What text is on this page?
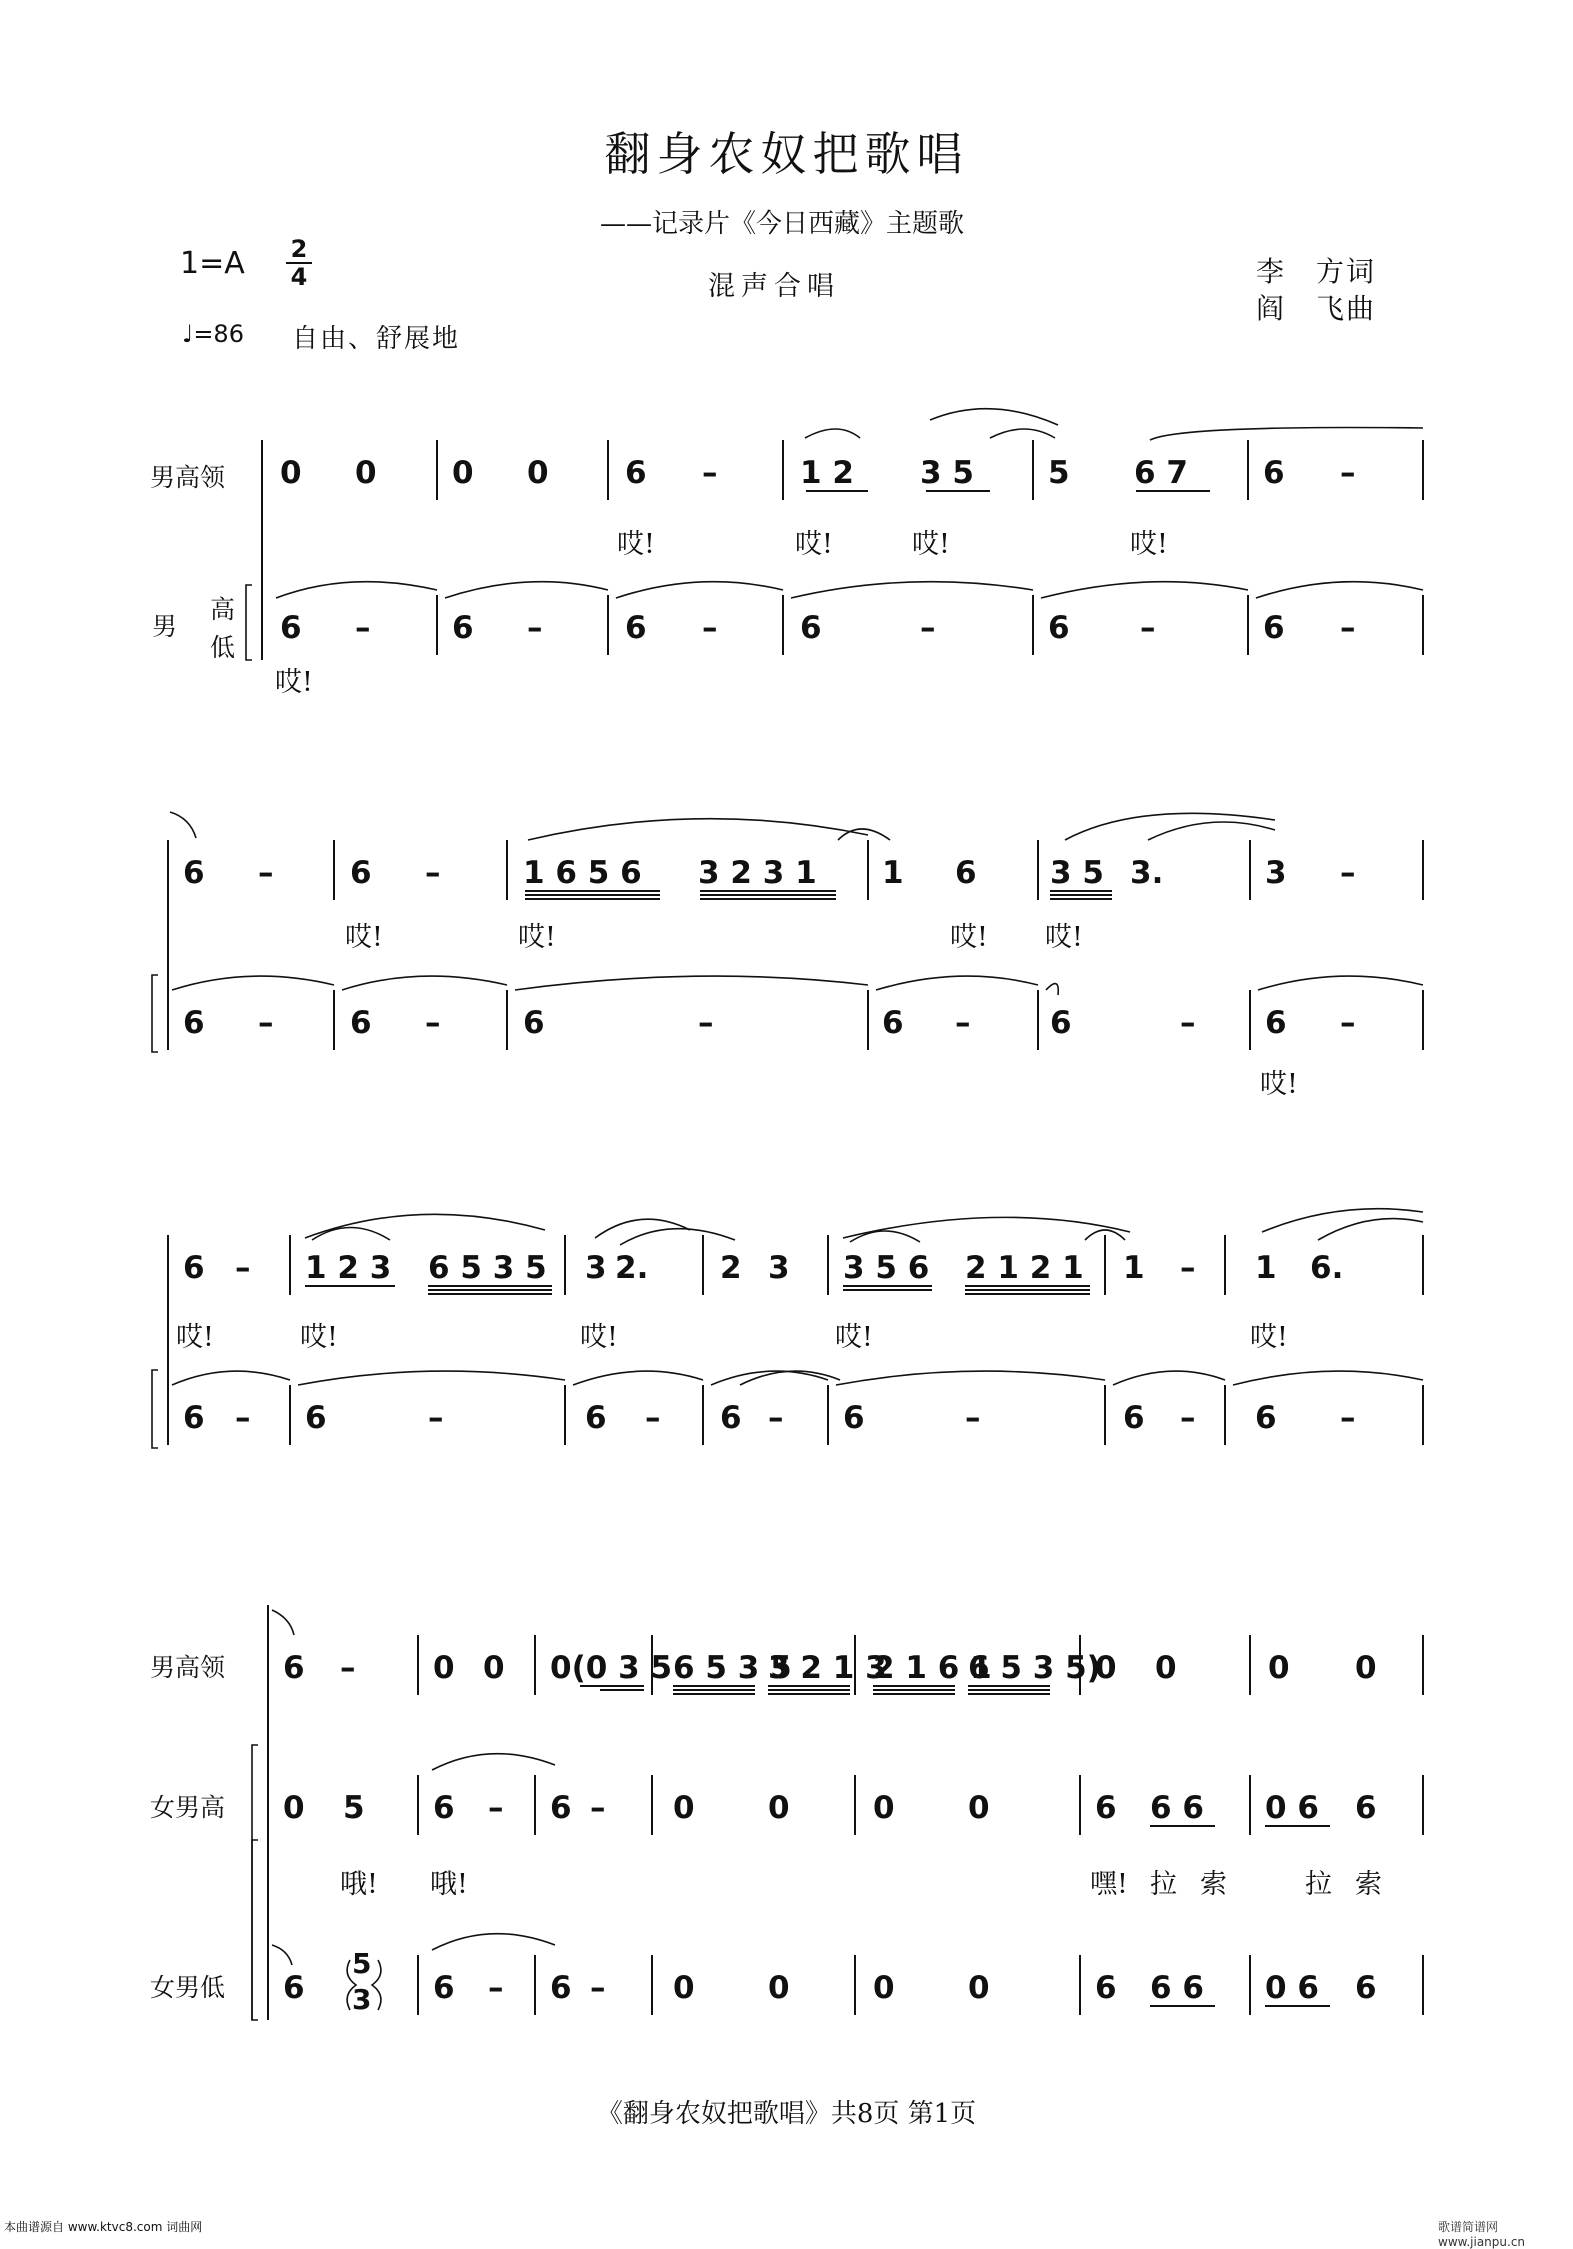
翻身农奴把歌唱
——记录片《今日西藏》主题歌
1=A 2
4	混声合唱	李　方词
阎　飞曲
♩=86 自由、舒展地
男高领
男
高
低
男高领
女男高
女男低
0 0 0 0 6 –	1 2 3 5 5 6 7 6 –
哎!	哎!	哎!	哎!
6 –	6 –	6 –	6	–	6 –	6 –
哎!
6 – 6 –	1 6 5 6 3 2 3 1 1 6 3 5 3.	3 –
哎!	哎!	哎! 哎!
6 – 6 –	6	–	6 –	6	– 6 –
哎!
6 – 1 2 3 6 5 3 5 3 2. 2 3 3 5 6 2 1 2 1 1 – 1 6.
哎!	哎!	哎!	哎!	哎!
6 – 6	–	6 – 6 – 6	–	6 – 6 –
6 –	0 0 0(0 3 5 6 5 3 5
3 2 1 3
2 1 6 1
6 5 3 5)
0 0	0 0
0 5 6 – 6 – 0 0	0 0	6 6 6 0 6 6
哦! 哦!	嘿! 拉 索	拉 索
6
5
3 6 – 6 – 0 0	0 0	6 6 6 0 6 6
《翻身农奴把歌唱》共8页 第1页
本曲谱源自 www.ktvc8.com 词曲网	歌谱简谱网 www.jianpu.cn
